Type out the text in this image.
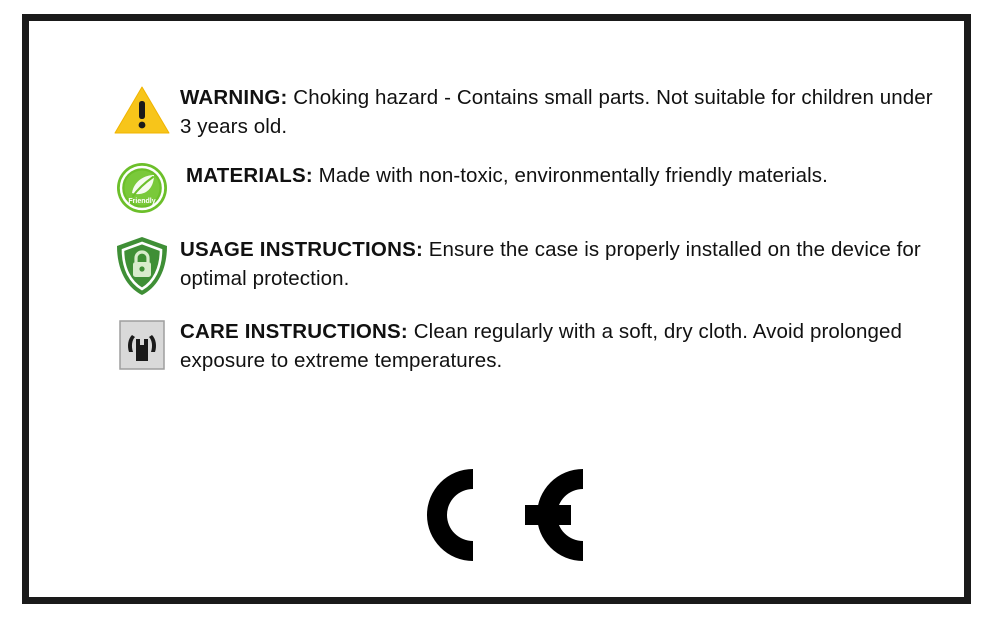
WARNING: Choking hazard - Contains small parts. Not suitable for children under 3 years old.
Friendly
MATERIALS: Made with non-toxic, environmentally friendly materials.
USAGE INSTRUCTIONS: Ensure the case is properly installed on the device for optimal protection.
CARE INSTRUCTIONS: Clean regularly with a soft, dry cloth. Avoid prolonged exposure to extreme temperatures.
